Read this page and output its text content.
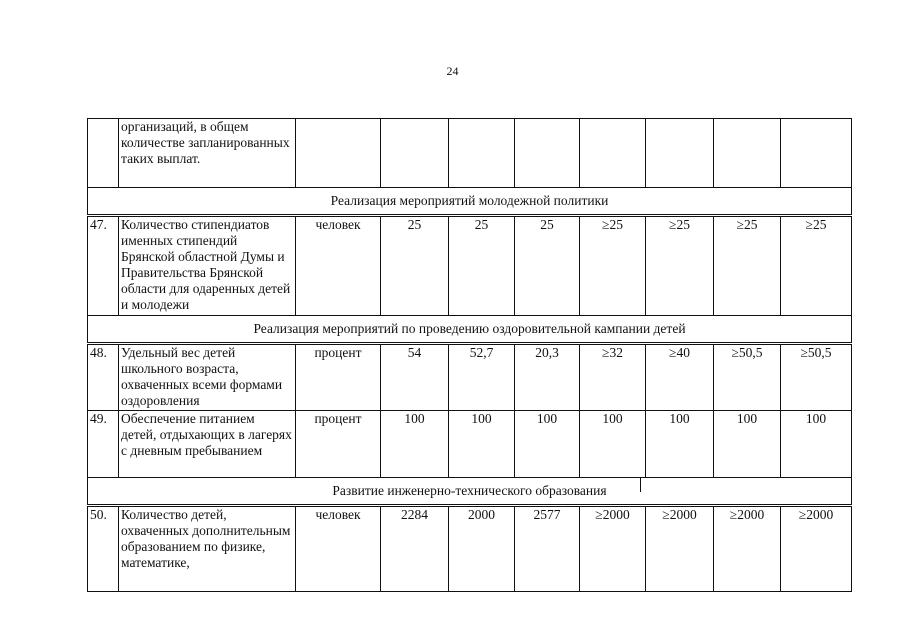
24
	организаций, в общем количестве запланированных таких выплат.								
Реализация мероприятий молодежной политики									
47.	Количество стипендиатов именных стипендий Брянской областной Думы и Правительства Брянской области для одаренных детей и молодежи	человек	25	25	25	≥25	≥25	≥25	≥25
Реализация мероприятий по проведению оздоровительной кампании детей									
48.	Удельный вес детей школьного возраста, охваченных всеми формами оздоровления	процент	54	52,7	20,3	≥32	≥40	≥50,5	≥50,5
49.	Обеспечение питанием детей, отдыхающих в лагерях с дневным пребыванием	процент	100	100	100	100	100	100	100
Развитие инженерно-технического образования									
50.	Количество детей, охваченных дополнительным образованием по физике, математике,	человек	2284	2000	2577	≥2000	≥2000	≥2000	≥2000
